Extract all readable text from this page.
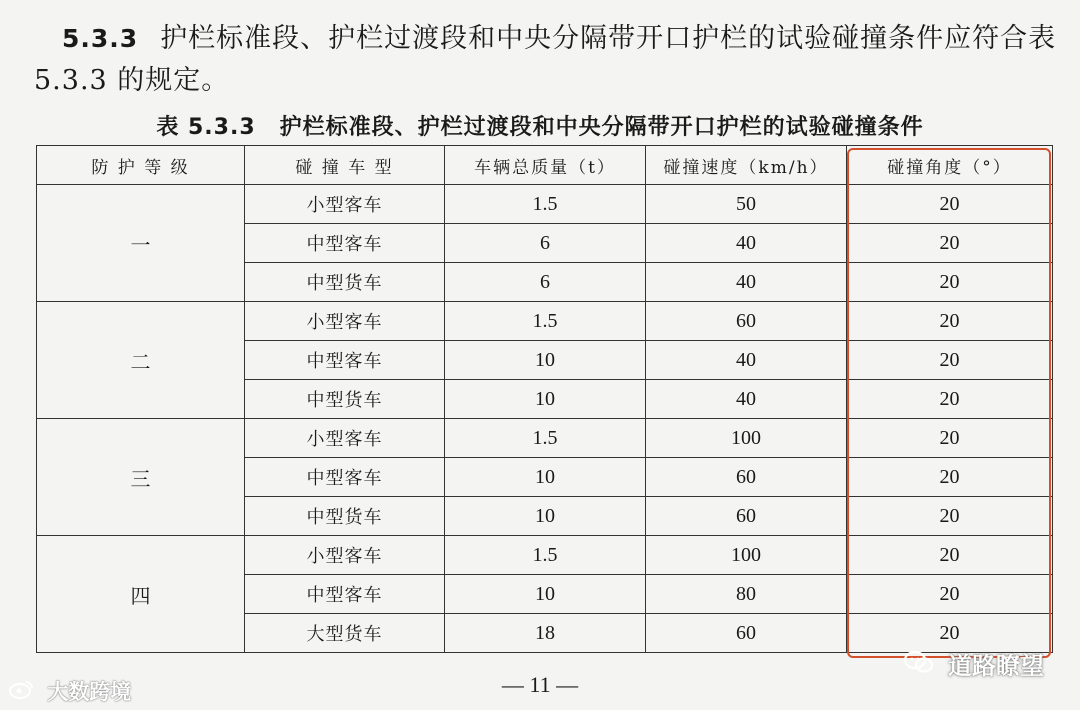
5.3.3 护栏标准段、护栏过渡段和中央分隔带开口护栏的试验碰撞条件应符合表 5.3.3 的规定。
表 5.3.3 护栏标准段、护栏过渡段和中央分隔带开口护栏的试验碰撞条件
防 护 等 级	碰 撞 车 型	车辆总质量（t）	碰撞速度（km/h）	碰撞角度（°）
一	小型客车	1.5	50	20
	中型客车	6	40	20
	中型货车	6	40	20
二	小型客车	1.5	60	20
	中型客车	10	40	20
	中型货车	10	40	20
三	小型客车	1.5	100	20
	中型客车	10	60	20
	中型货车	10	60	20
四	小型客车	1.5	100	20
	中型客车	10	80	20
	大型货车	18	60	20
— 11 —
大数跨境
道路瞭望
